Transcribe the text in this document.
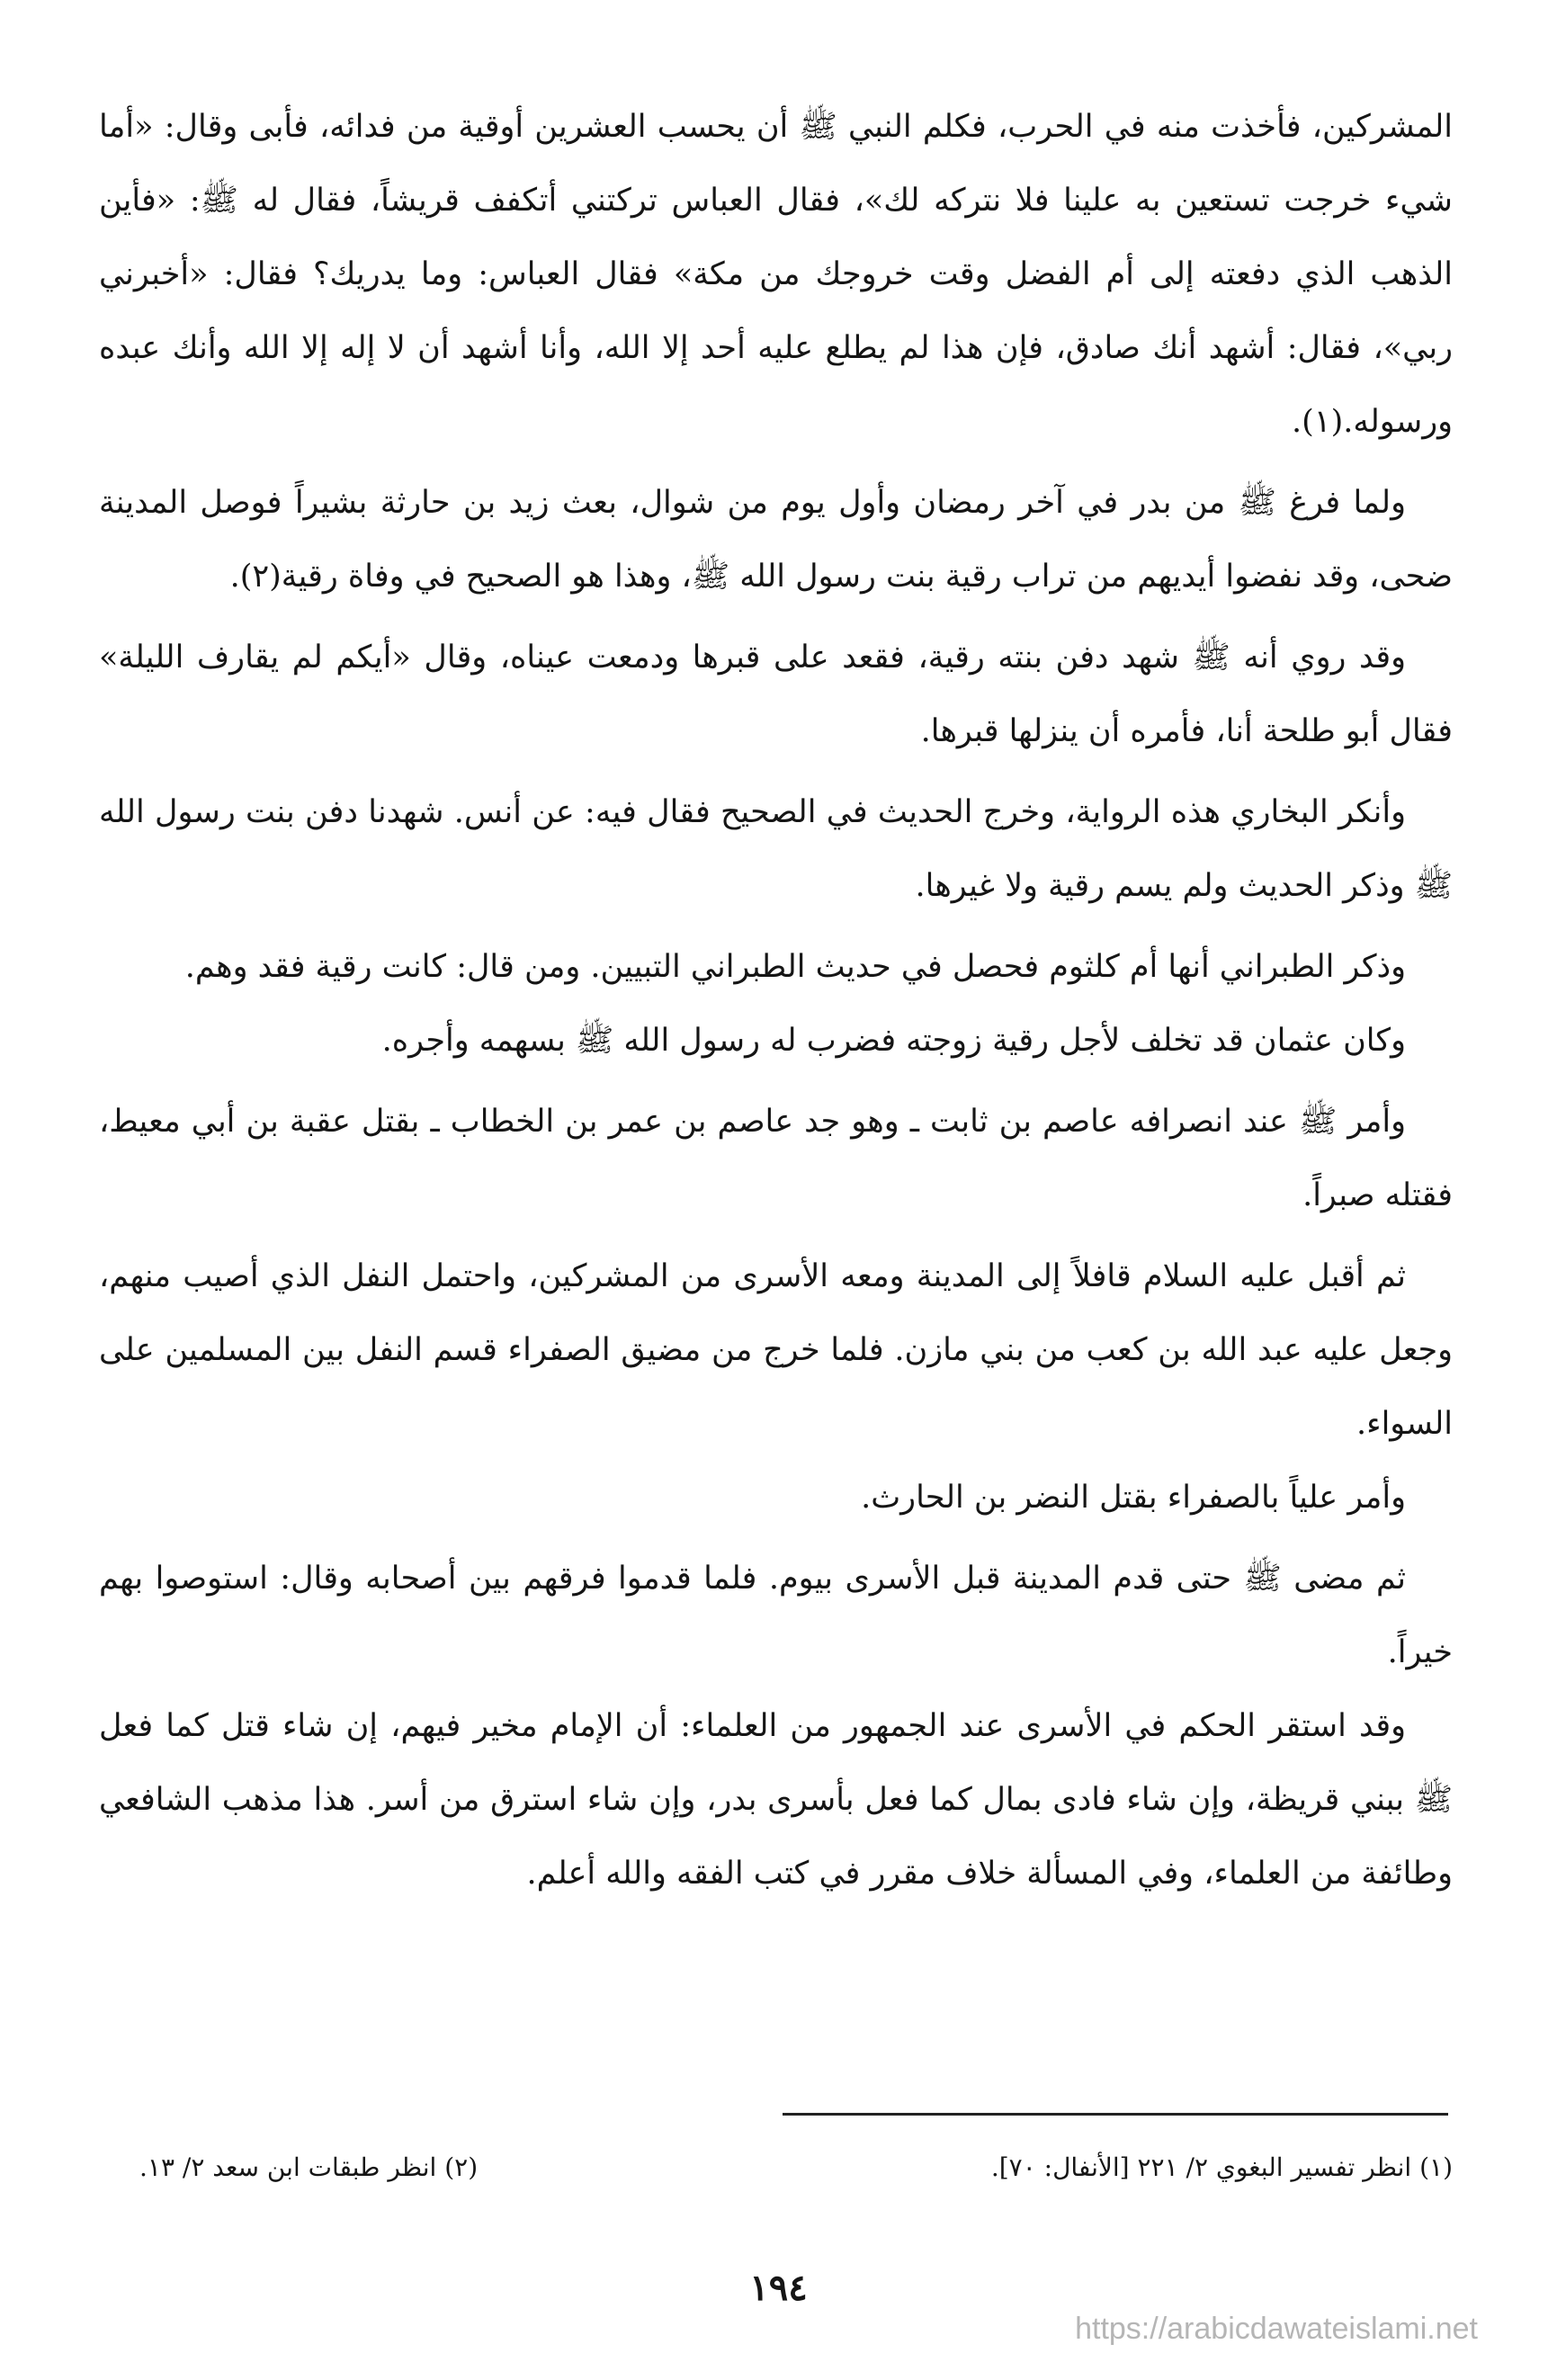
المشركين، فأخذت منه في الحرب، فكلم النبي ﷺ أن يحسب العشرين أوقية من فدائه، فأبى وقال: «أما شيء خرجت تستعين به علينا فلا نتركه لك»، فقال العباس تركتني أتكفف قريشاً، فقال له ﷺ: «فأين الذهب الذي دفعته إلى أم الفضل وقت خروجك من مكة» فقال العباس: وما يدريك؟ فقال: «أخبرني ربي»، فقال: أشهد أنك صادق، فإن هذا لم يطلع عليه أحد إلا الله، وأنا أشهد أن لا إله إلا الله وأنك عبده ورسوله.(١).

ولما فرغ ﷺ من بدر في آخر رمضان وأول يوم من شوال، بعث زيد بن حارثة بشيراً فوصل المدينة ضحى، وقد نفضوا أيديهم من تراب رقية بنت رسول الله ﷺ، وهذا هو الصحيح في وفاة رقية(٢).

وقد روي أنه ﷺ شهد دفن بنته رقية، فقعد على قبرها ودمعت عيناه، وقال «أيكم لم يقارف الليلة» فقال أبو طلحة أنا، فأمره أن ينزلها قبرها.

وأنكر البخاري هذه الرواية، وخرج الحديث في الصحيح فقال فيه: عن أنس. شهدنا دفن بنت رسول الله ﷺ وذكر الحديث ولم يسم رقية ولا غيرها.

وذكر الطبراني أنها أم كلثوم فحصل في حديث الطبراني التبيين. ومن قال: كانت رقية فقد وهم.

وكان عثمان قد تخلف لأجل رقية زوجته فضرب له رسول الله ﷺ بسهمه وأجره.

وأمر ﷺ عند انصرافه عاصم بن ثابت ـ وهو جد عاصم بن عمر بن الخطاب ـ بقتل عقبة بن أبي معيط، فقتله صبراً.

ثم أقبل عليه السلام قافلاً إلى المدينة ومعه الأسرى من المشركين، واحتمل النفل الذي أصيب منهم، وجعل عليه عبد الله بن كعب من بني مازن. فلما خرج من مضيق الصفراء قسم النفل بين المسلمين على السواء.

وأمر علياً بالصفراء بقتل النضر بن الحارث.

ثم مضى ﷺ حتى قدم المدينة قبل الأسرى بيوم. فلما قدموا فرقهم بين أصحابه وقال: استوصوا بهم خيراً.

وقد استقر الحكم في الأسرى عند الجمهور من العلماء: أن الإمام مخير فيهم، إن شاء قتل كما فعل ﷺ ببني قريظة، وإن شاء فادى بمال كما فعل بأسرى بدر، وإن شاء استرق من أسر. هذا مذهب الشافعي وطائفة من العلماء، وفي المسألة خلاف مقرر في كتب الفقه والله أعلم.

(١) انظر تفسير البغوي ٢/ ٢٢١ [الأنفال: ٧٠].
(٢) انظر طبقات ابن سعد ٢/ ١٣.
١٩٤
https://arabicdawateislami.net
